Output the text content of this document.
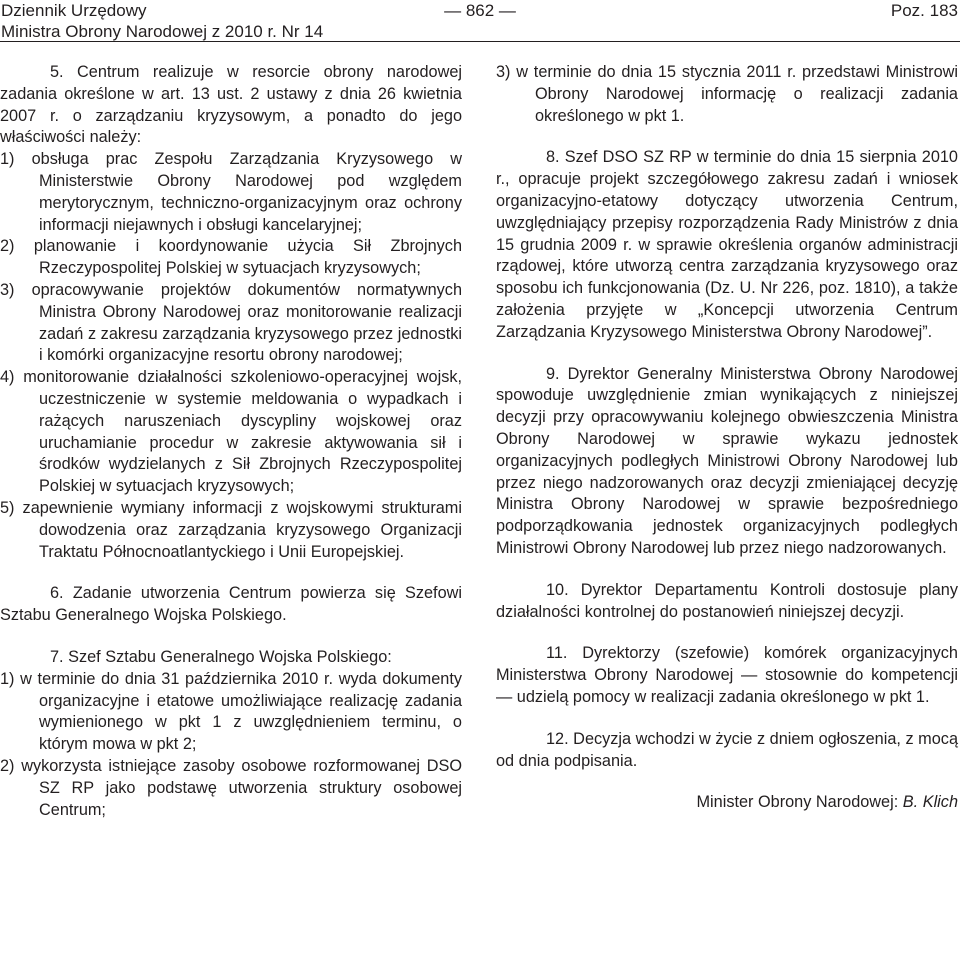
Dziennik Urzędowy
Ministra Obrony Narodowej z 2010 r. Nr 14
— 862 —	Poz. 183

5. Centrum realizuje w resorcie obrony narodowej zadania określone w art. 13 ust. 2 ustawy z dnia 26 kwietnia 2007 r. o zarządzaniu kryzysowym, a ponadto do jego właściwości należy:

1) obsługa prac Zespołu Zarządzania Kryzysowego w Ministerstwie Obrony Narodowej pod względem merytorycznym, techniczno-organizacyjnym oraz ochrony informacji niejawnych i obsługi kancelaryjnej;

2) planowanie i koordynowanie użycia Sił Zbrojnych Rzeczypospolitej Polskiej w sytuacjach kryzysowych;

3) opracowywanie projektów dokumentów normatywnych Ministra Obrony Narodowej oraz monitorowanie realizacji zadań z zakresu zarządzania kryzysowego przez jednostki i komórki organizacyjne resortu obrony narodowej;

4) monitorowanie działalności szkoleniowo-operacyjnej wojsk, uczestniczenie w systemie meldowania o wypadkach i rażących naruszeniach dyscypliny wojskowej oraz uruchamianie procedur w zakresie aktywowania sił i środków wydzielanych z Sił Zbrojnych Rzeczypospolitej Polskiej w sytuacjach kryzysowych;

5) zapewnienie wymiany informacji z wojskowymi strukturami dowodzenia oraz zarządzania kryzysowego Organizacji Traktatu Północnoatlantyckiego i Unii Europejskiej.

6. Zadanie utworzenia Centrum powierza się Szefowi Sztabu Generalnego Wojska Polskiego.

7. Szef Sztabu Generalnego Wojska Polskiego:

1) w terminie do dnia 31 października 2010 r. wyda dokumenty organizacyjne i etatowe umożliwiające realizację zadania wymienionego w pkt 1 z uwzględnieniem terminu, o którym mowa w pkt 2;

2) wykorzysta istniejące zasoby osobowe rozformowanej DSO SZ RP jako podstawę utworzenia struktury osobowej Centrum;

3) w terminie do dnia 15 stycznia 2011 r. przedstawi Ministrowi Obrony Narodowej informację o realizacji zadania określonego w pkt 1.

8. Szef DSO SZ RP w terminie do dnia 15 sierpnia 2010 r., opracuje projekt szczegółowego zakresu zadań i wniosek organizacyjno-etatowy dotyczący utworzenia Centrum, uwzględniający przepisy rozporządzenia Rady Ministrów z dnia 15 grudnia 2009 r. w sprawie określenia organów administracji rządowej, które utworzą centra zarządzania kryzysowego oraz sposobu ich funkcjonowania (Dz. U. Nr 226, poz. 1810), a także założenia przyjęte w „Koncepcji utworzenia Centrum Zarządzania Kryzysowego Ministerstwa Obrony Narodowej”.

9. Dyrektor Generalny Ministerstwa Obrony Narodowej spowoduje uwzględnienie zmian wynikających z niniejszej decyzji przy opracowywaniu kolejnego obwieszczenia Ministra Obrony Narodowej w sprawie wykazu jednostek organizacyjnych podległych Ministrowi Obrony Narodowej lub przez niego nadzorowanych oraz decyzji zmieniającej decyzję Ministra Obrony Narodowej w sprawie bezpośredniego podporządkowania jednostek organizacyjnych podległych Ministrowi Obrony Narodowej lub przez niego nadzorowanych.

10. Dyrektor Departamentu Kontroli dostosuje plany działalności kontrolnej do postanowień niniejszej decyzji.

11. Dyrektorzy (szefowie) komórek organizacyjnych Ministerstwa Obrony Narodowej — stosownie do kompetencji — udzielą pomocy w realizacji zadania określonego w pkt 1.

12. Decyzja wchodzi w życie z dniem ogłoszenia, z mocą od dnia podpisania.

Minister Obrony Narodowej: B. Klich
